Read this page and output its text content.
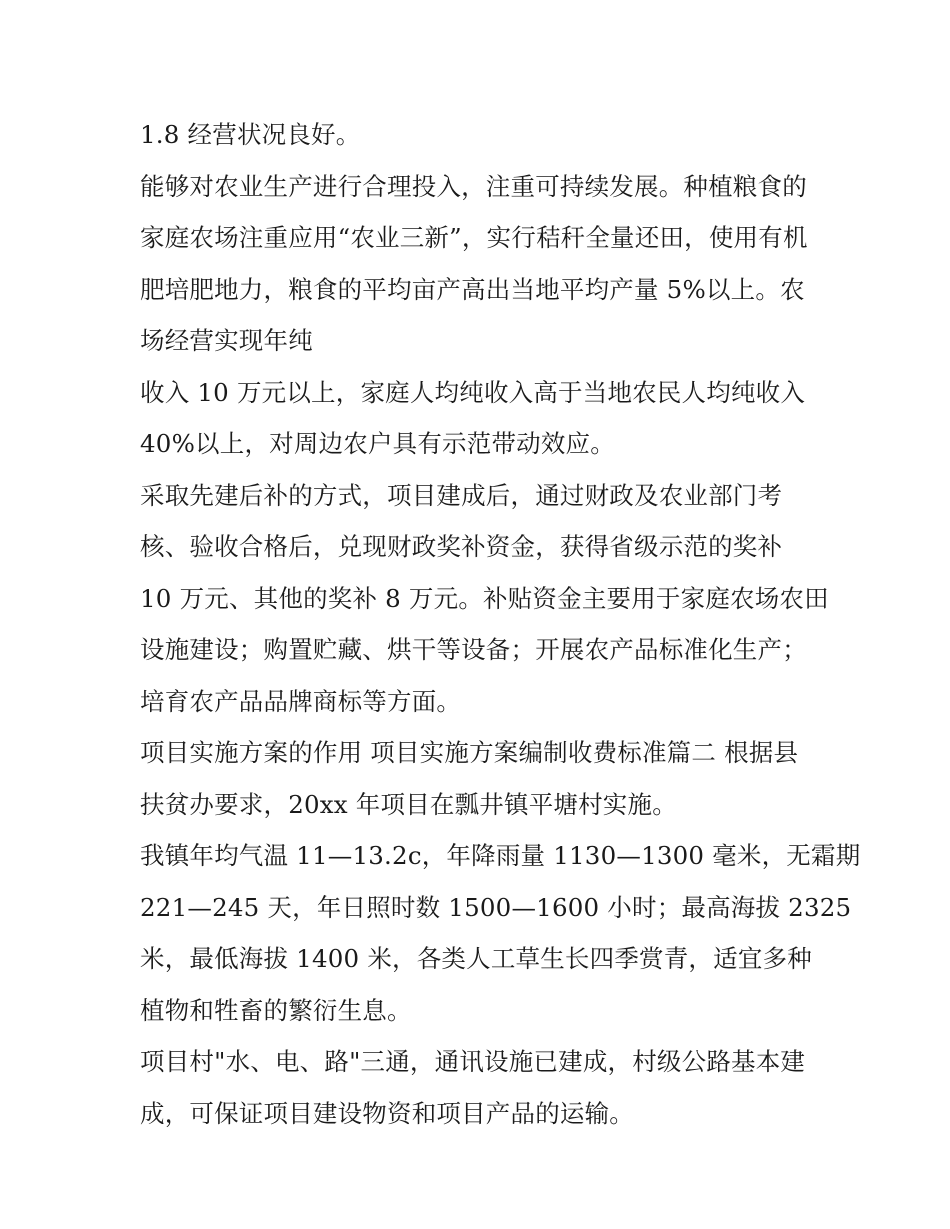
1.8 经营状况良好。
能够对农业生产进行合理投入，注重可持续发展。种植粮食的
家庭农场注重应用“农业三新”，实行秸秆全量还田，使用有机
肥培肥地力，粮食的平均亩产高出当地平均产量 5%以上。农
场经营实现年纯
收入 10 万元以上，家庭人均纯收入高于当地农民人均纯收入
40%以上，对周边农户具有示范带动效应。
采取先建后补的方式，项目建成后，通过财政及农业部门考
核、验收合格后，兑现财政奖补资金，获得省级示范的奖补
10 万元、其他的奖补 8 万元。补贴资金主要用于家庭农场农田
设施建设；购置贮藏、烘干等设备；开展农产品标准化生产；
培育农产品品牌商标等方面。
项目实施方案的作用 项目实施方案编制收费标准篇二 根据县
扶贫办要求，20xx 年项目在瓢井镇平塘村实施。
我镇年均气温 11—13.2c，年降雨量 1130—1300 毫米，无霜期
221—245 天，年日照时数 1500—1600 小时；最高海拔 2325
米，最低海拔 1400 米，各类人工草生长四季赏青，适宜多种
植物和牲畜的繁衍生息。
项目村"水、电、路"三通，通讯设施已建成，村级公路基本建
成，可保证项目建设物资和项目产品的运输。
